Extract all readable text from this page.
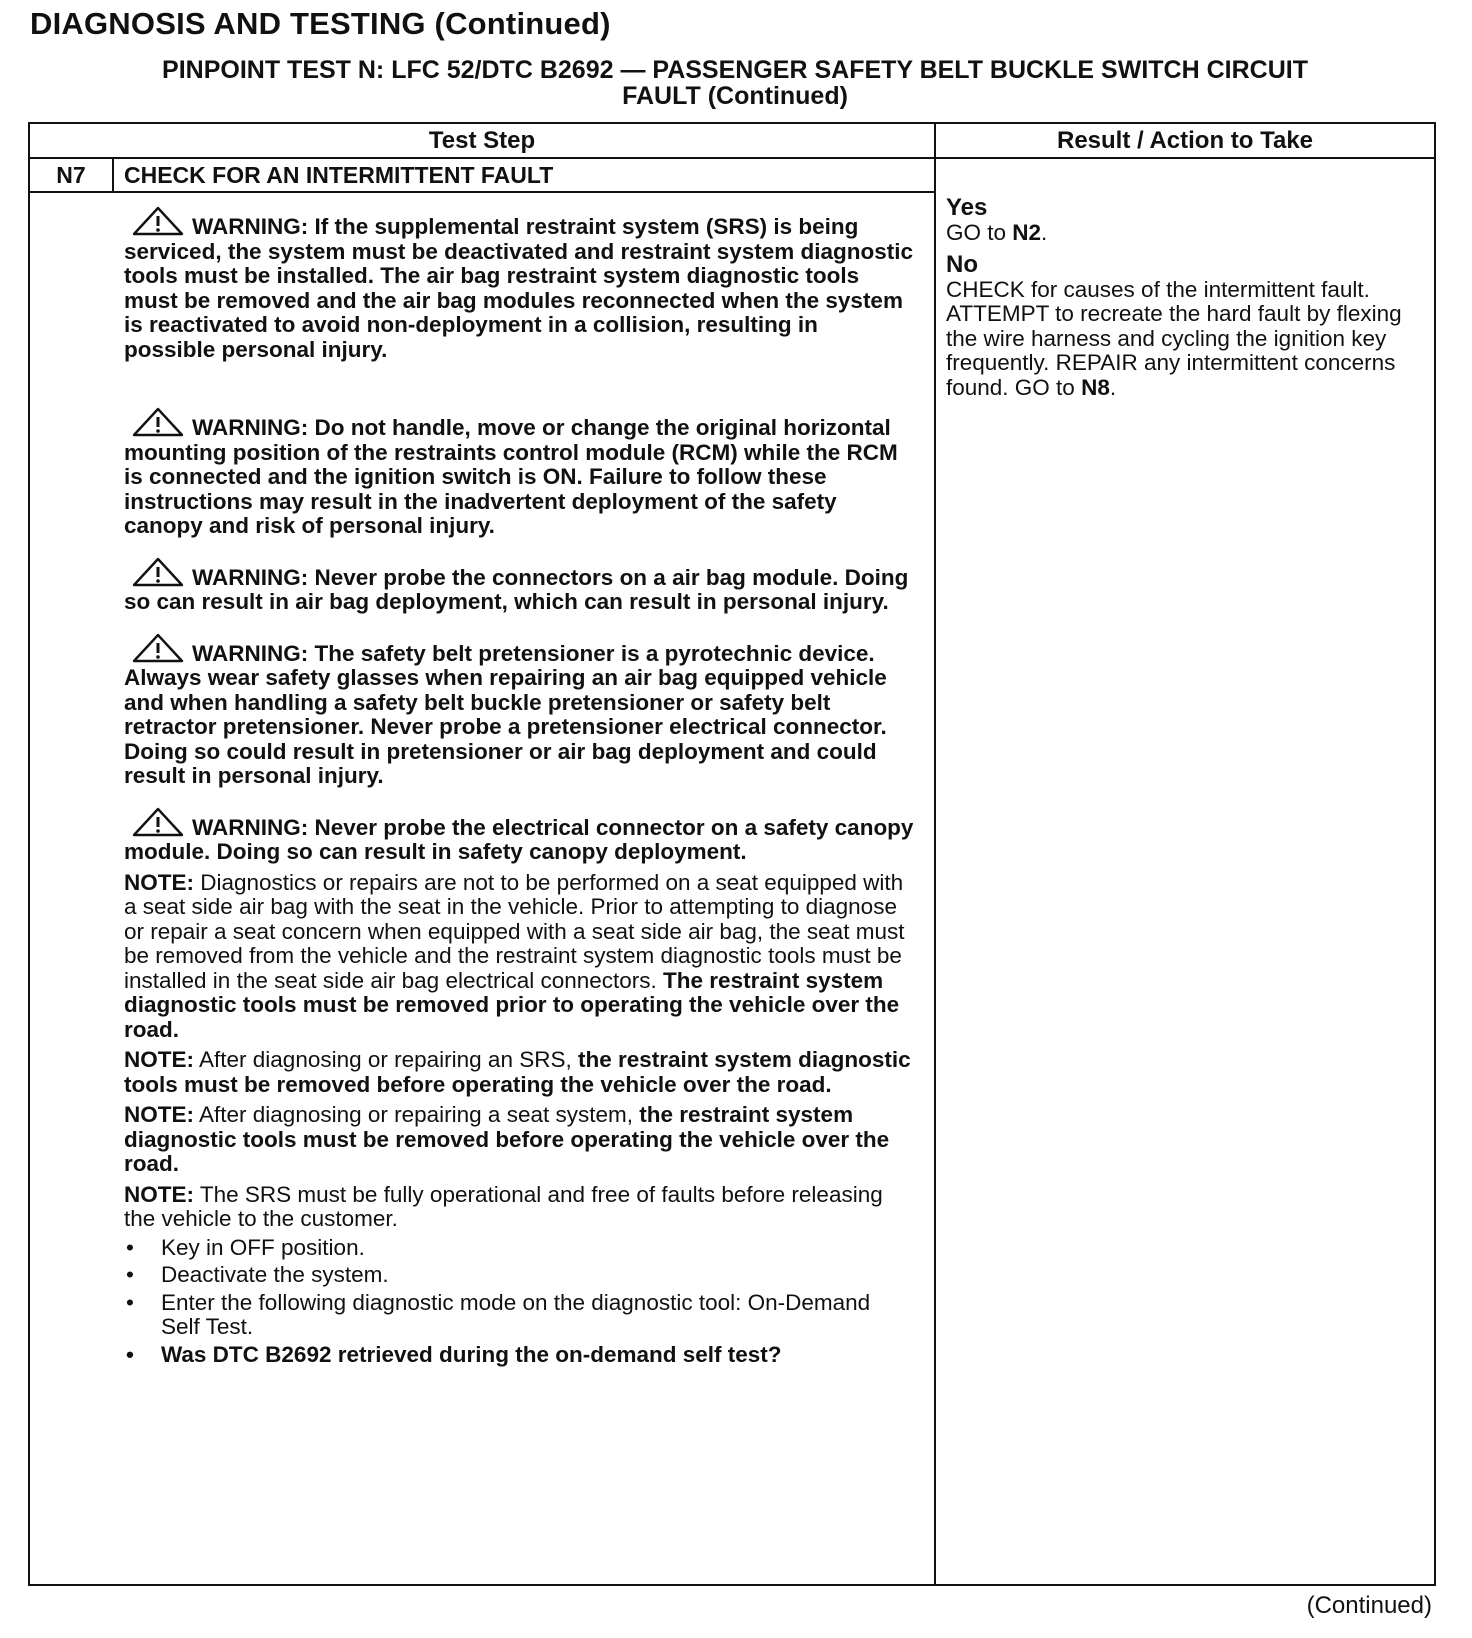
DIAGNOSIS AND TESTING (Continued)
PINPOINT TEST N: LFC 52/DTC B2692 — PASSENGER SAFETY BELT BUCKLE SWITCH CIRCUIT
FAULT (Continued)
Test Step	Result / Action to Take
N7	CHECK FOR AN INTERMITTENT FAULT

WARNING: If the supplemental restraint system (SRS) is being serviced, the system must be deactivated and restraint system diagnostic tools must be installed. The air bag restraint system diagnostic tools must be removed and the air bag modules reconnected when the system is reactivated to avoid non-deployment in a collision, resulting in possible personal injury.

WARNING: Do not handle, move or change the original horizontal mounting position of the restraints control module (RCM) while the RCM is connected and the ignition switch is ON. Failure to follow these instructions may result in the inadvertent deployment of the safety canopy and risk of personal injury.

WARNING: Never probe the connectors on a air bag module. Doing so can result in air bag deployment, which can result in personal injury.

WARNING: The safety belt pretensioner is a pyrotechnic device. Always wear safety glasses when repairing an air bag equipped vehicle and when handling a safety belt buckle pretensioner or safety belt retractor pretensioner. Never probe a pretensioner electrical connector. Doing so could result in pretensioner or air bag deployment and could result in personal injury.

WARNING: Never probe the electrical connector on a safety canopy module. Doing so can result in safety canopy deployment.

NOTE: Diagnostics or repairs are not to be performed on a seat equipped with a seat side air bag with the seat in the vehicle. Prior to attempting to diagnose or repair a seat concern when equipped with a seat side air bag, the seat must be removed from the vehicle and the restraint system diagnostic tools must be installed in the seat side air bag electrical connectors. The restraint system diagnostic tools must be removed prior to operating the vehicle over the road.

NOTE: After diagnosing or repairing an SRS, the restraint system diagnostic tools must be removed before operating the vehicle over the road.

NOTE: After diagnosing or repairing a seat system, the restraint system diagnostic tools must be removed before operating the vehicle over the road.

NOTE: The SRS must be fully operational and free of faults before releasing the vehicle to the customer.

• Key in OFF position.
• Deactivate the system.
• Enter the following diagnostic mode on the diagnostic tool: On-Demand Self Test.
• Was DTC B2692 retrieved during the on-demand self test?

Yes

GO to N2.

No

CHECK for causes of the intermittent fault. ATTEMPT to recreate the hard fault by flexing the wire harness and cycling the ignition key frequently. REPAIR any intermittent concerns found. GO to N8.

(Continued)
